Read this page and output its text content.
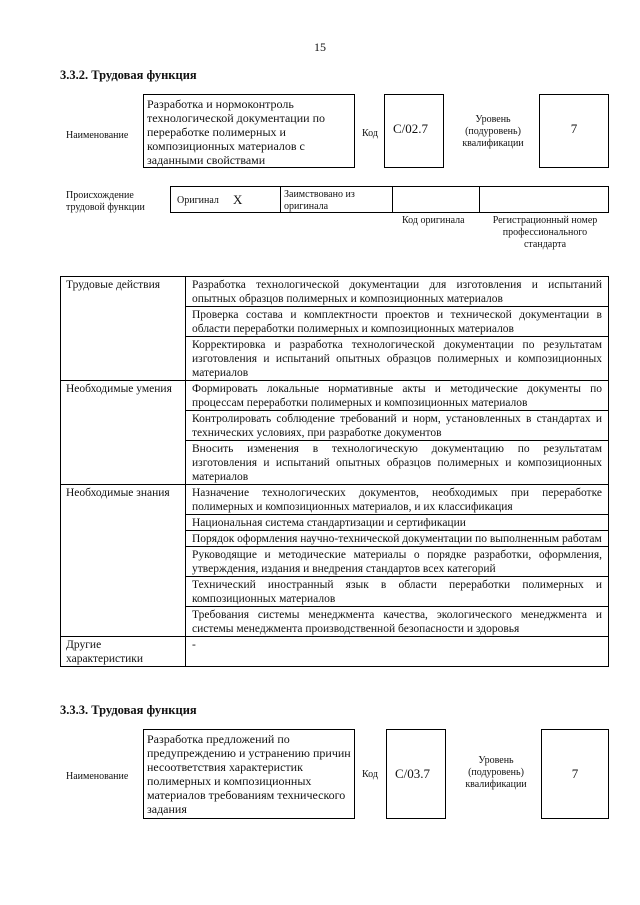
15
3.3.2. Трудовая функция
Наименование
Разработка и нормоконтроль технологической документации по переработке полимерных и композиционных материалов с заданными свойствами
Код С/02.7
Уровень (подуровень) квалификации
7
Происхождение трудовой функции
Оригинал X	Заимствовано из оригинала
Код оригинала	Регистрационный номер профессионального стандарта
Трудовые действия	Разработка технологической документации для изготовления и испытаний опытных образцов полимерных и композиционных материалов
	Проверка состава и комплектности проектов и технической документации в области переработки полимерных и композиционных материалов
	Корректировка и разработка технологической документации по результатам изготовления и испытаний опытных образцов полимерных и композиционных материалов
Необходимые умения	Формировать локальные нормативные акты и методические документы по процессам переработки полимерных и композиционных материалов
	Контролировать соблюдение требований и норм, установленных в стандартах и технических условиях, при разработке документов
	Вносить изменения в технологическую документацию по результатам изготовления и испытаний опытных образцов полимерных и композиционных материалов
Необходимые знания	Назначение технологических документов, необходимых при переработке полимерных и композиционных материалов, и их классификация
	Национальная система стандартизации и сертификации
	Порядок оформления научно-технической документации по выполненным работам
	Руководящие и методические материалы о порядке разработки, оформления, утверждения, издания и внедрения стандартов всех категорий
	Технический иностранный язык в области переработки полимерных и композиционных материалов
	Требования системы менеджмента качества, экологического менеджмента и системы менеджмента производственной безопасности и здоровья
Другие характеристики	-
3.3.3. Трудовая функция
Наименование
Разработка предложений по предупреждению и устранению причин несоответствия характеристик полимерных и композиционных материалов требованиям технического задания
Код С/03.7
Уровень (подуровень) квалификации
7
